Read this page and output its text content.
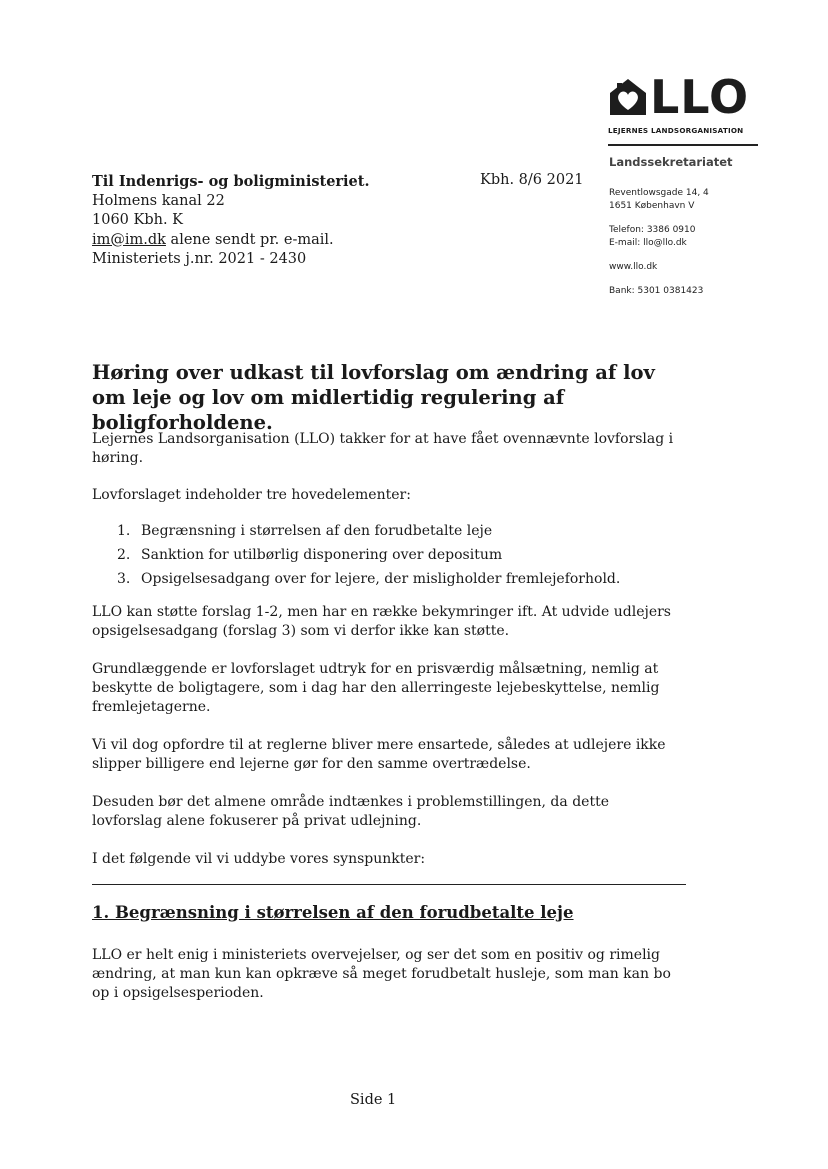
LLO
LEJERNES LANDSORGANISATION
Landssekretariatet
Reventlowsgade 14, 4
1651 København V
Telefon: 3386 0910
E-mail: llo@llo.dk
www.llo.dk
Bank: 5301 0381423
Til Indenrigs- og boligministeriet.
Holmens kanal 22
1060 Kbh. K
im@im.dk alene sendt pr. e-mail.
Ministeriets j.nr. 2021 - 2430
Kbh. 8/6 2021
Høring over udkast til lovforslag om ændring af lov om leje og lov om midlertidig regulering af boligforholdene.
Lejernes Landsorganisation (LLO) takker for at have fået ovennævnte lovforslag i høring.
Lovforslaget indeholder tre hovedelementer:
1. Begrænsning i størrelsen af den forudbetalte leje
2. Sanktion for utilbørlig disponering over depositum
3. Opsigelsesadgang over for lejere, der misligholder fremlejeforhold.
LLO kan støtte forslag 1-2, men har en række bekymringer ift. At udvide udlejers opsigelsesadgang (forslag 3) som vi derfor ikke kan støtte.
Grundlæggende er lovforslaget udtryk for en prisværdig målsætning, nemlig at beskytte de boligtagere, som i dag har den allerringeste lejebeskyttelse, nemlig fremlejetagerne.
Vi vil dog opfordre til at reglerne bliver mere ensartede, således at udlejere ikke slipper billigere end lejerne gør for den samme overtrædelse.
Desuden bør det almene område indtænkes i problemstillingen, da dette lovforslag alene fokuserer på privat udlejning.
I det følgende vil vi uddybe vores synspunkter:
1. Begrænsning i størrelsen af den forudbetalte leje
LLO er helt enig i ministeriets overvejelser, og ser det som en positiv og rimelig ændring, at man kun kan opkræve så meget forudbetalt husleje, som man kan bo op i opsigelsesperioden.
Side 1
